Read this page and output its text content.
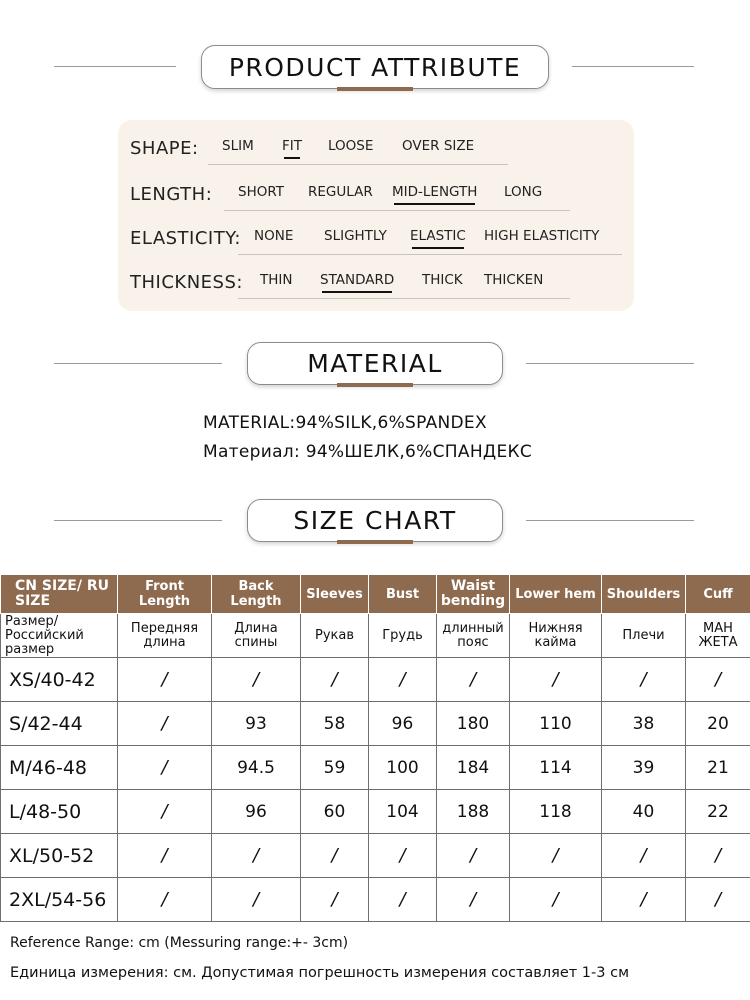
PRODUCT ATTRIBUTE
SHAPE: SLIM FIT LOOSE OVER SIZE
LENGTH: SHORT REGULAR MID-LENGTH LONG
ELASTICITY: NONE SLIGHTLY ELASTIC HIGH ELASTICITY
THICKNESS: THIN STANDARD THICK THICKEN
MATERIAL
MATERIAL:94%SILK,6%SPANDEX
Материал: 94%ШЕЛК,6%СПАНДЕКС
SIZE CHART
CN SIZE/ RU SIZE	Front Length	Back Length	Sleeves	Bust	Waist bending	Lower hem	Shoulders	Cuff
Размер/ Российский размер	Передняя длина	Длина спины	Рукав	Грудь	длинный пояс	Нижняя кайма	Плечи	МАН ЖЕТА
XS/40-42	/	/	/	/	/	/	/	/
S/42-44	/	93	58	96	180	110	38	20
M/46-48	/	94.5	59	100	184	114	39	21
L/48-50	/	96	60	104	188	118	40	22
XL/50-52	/	/	/	/	/	/	/	/
2XL/54-56	/	/	/	/	/	/	/	/
Reference Range: cm (Messuring range:+- 3cm)
Единица измерения: см. Допустимая погрешность измерения составляет 1-3 см
